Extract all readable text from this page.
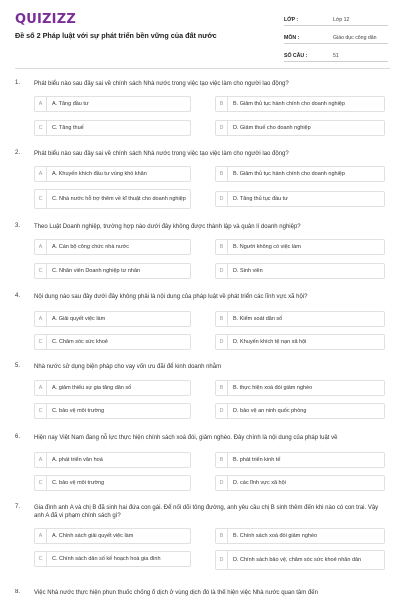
QUIZIZZ
Đề số 2 Pháp luật với sự phát triển bền vững của đất nước
LỚP :	Lớp 12
MÔN :	Giáo dục công dân
SỐ CÂU :	51
1. Phát biểu nào sau đây sai về chính sách Nhà nước trong việc tạo việc làm cho người lao động?
A	A. Tăng đầu tư	B	B. Giảm thủ tục hành chính cho doanh nghiệp
C	C. Tăng thuế	D	D. Giảm thuế cho doanh nghiệp
2. Phát biểu nào sau đây sai về chính sách Nhà nước trong việc tạo việc làm cho người lao động?
A	A. Khuyến khích đầu tư vùng khó khăn	B	B. Giảm thủ tục hành chính cho doanh nghiệp
C	C. Nhà nước hỗ trợ thêm về kĩ thuật cho doanh nghiệp	D	D. Tăng thủ tục đầu tư
3. Theo Luật Doanh nghiệp, trường hợp nào dưới đây không được thành lập và quản lí doanh nghiệp?
A	A. Cán bộ công chức nhà nước	B	B. Người không có việc làm
C	C. Nhân viên Doanh nghiệp tư nhân	D	D. Sinh viên
4. Nội dung nào sau đây dưới đây không phải là nội dung của pháp luật về phát triển các lĩnh vực xã hội?
A	A. Giải quyết việc làm	B	B. Kiểm soát dân số
C	C. Chăm sóc sức khoẻ	D	D. Khuyến khích tệ nạn xã hội
5. Nhà nước sử dụng biện pháp cho vay vốn ưu đãi để kinh doanh nhằm
A	A. giảm thiểu sự gia tăng dân số	B	B. thực hiện xoá đói giảm nghèo
C	C. bảo vệ môi trường	D	D. bảo vệ an ninh quốc phòng
6. Hiện nay Việt Nam đang nỗ lực thực hiện chính sách xoá đói, giảm nghèo. Đây chính là nội dung của pháp luật về
A	A. phát triển văn hoá	B	B. phát triển kinh tế
C	C. bảo vệ môi trường	D	D. các lĩnh vực xã hội
7. Gia đình anh A và chị B đã sinh hai đứa con gái. Để nối dõi tông đường, anh yêu cầu chị B sinh thêm đến khi nào có con trai. Vậy anh A đã vi phạm chính sách gì?
A	A. Chính sách giải quyết việc làm	B	B. Chính sách xoá đói giảm nghèo
C	C. Chính sách dân số kế hoạch hoá gia đình	D	D. Chính sách bảo vệ, chăm sóc sức khoẻ nhân dân
8. Việc Nhà nước thực hiện phun thuốc chống ổ dịch ở vùng dịch đó là thể hiện việc Nhà nước quan tâm đến
